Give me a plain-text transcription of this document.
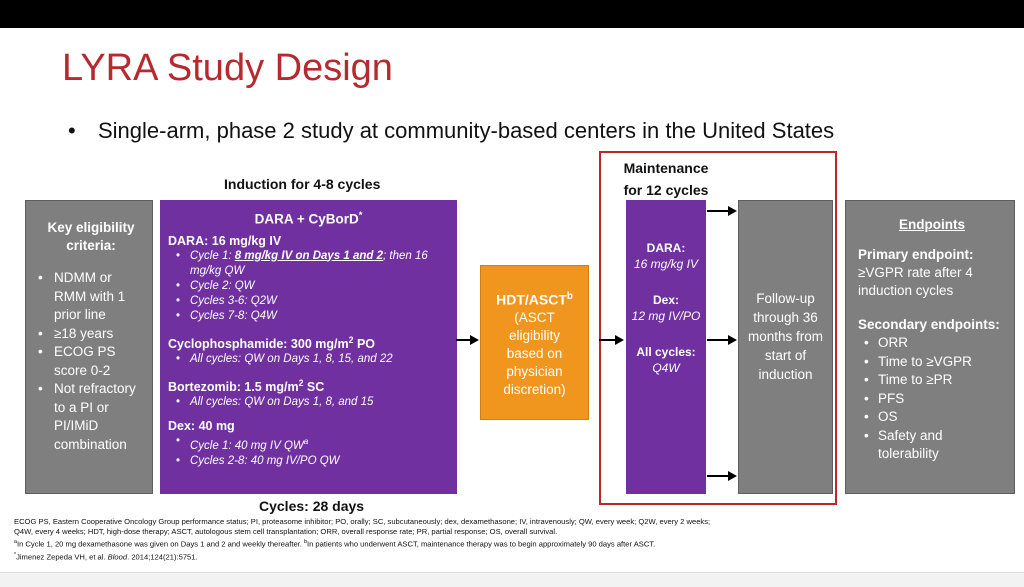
LYRA Study Design
• Single-arm, phase 2 study at community-based centers in the United States
Induction for 4-8 cycles
Maintenance
for 12 cycles
Key eligibility criteria:
• NDMM or RMM with 1 prior line
• ≥18 years
• ECOG PS score 0-2
• Not refractory to a PI or PI/IMiD combination
DARA + CyBorD*
DARA: 16 mg/kg IV
• Cycle 1: 8 mg/kg IV on Days 1 and 2; then 16 mg/kg QW
• Cycle 2: QW
• Cycles 3-6: Q2W
• Cycles 7-8: Q4W
Cyclophosphamide: 300 $mg/m^2$ PO
• All cycles: QW on Days 1, 8, 15, and 22
Bortezomib: 1.5 $mg/m^2$ SC
• All cycles: QW on Days 1, 8, and 15
Dex: 40 mg
• Cycle 1: 40 mg IV $QW^a$
• Cycles 2-8: 40 mg IV/PO QW
Cycles: 28 days
HDT/ASCT$^b$
(ASCT
eligibility
based on
physician
discretion)
DARA:
16 mg/kg IV
Dex:
12 mg IV/PO
All cycles:
Q4W
Follow-up through 36 months from start of induction
Endpoints
Primary endpoint:
≥VGPR rate after 4 induction cycles
Secondary endpoints:
• ORR
• Time to ≥VGPR
• Time to ≥PR
• PFS
• OS
• Safety and tolerability
ECOG PS, Eastern Cooperative Oncology Group performance status; PI, proteasome inhibitor; PO, orally; SC, subcutaneously; dex, dexamethasone; IV, intravenously; QW, every week; Q2W, every 2 weeks;
Q4W, every 4 weeks; HDT, high-dose therapy; ASCT, autologous stem cell transplantation; ORR, overall response rate; PR, partial response; OS, overall survival.
$^a$In Cycle 1, 20 mg dexamethasone was given on Days 1 and 2 and weekly thereafter. $^b$In patients who underwent ASCT, maintenance therapy was to begin approximately 90 days after ASCT.
*Jimenez Zepeda VH, et al. Blood. 2014;124(21):5751.
